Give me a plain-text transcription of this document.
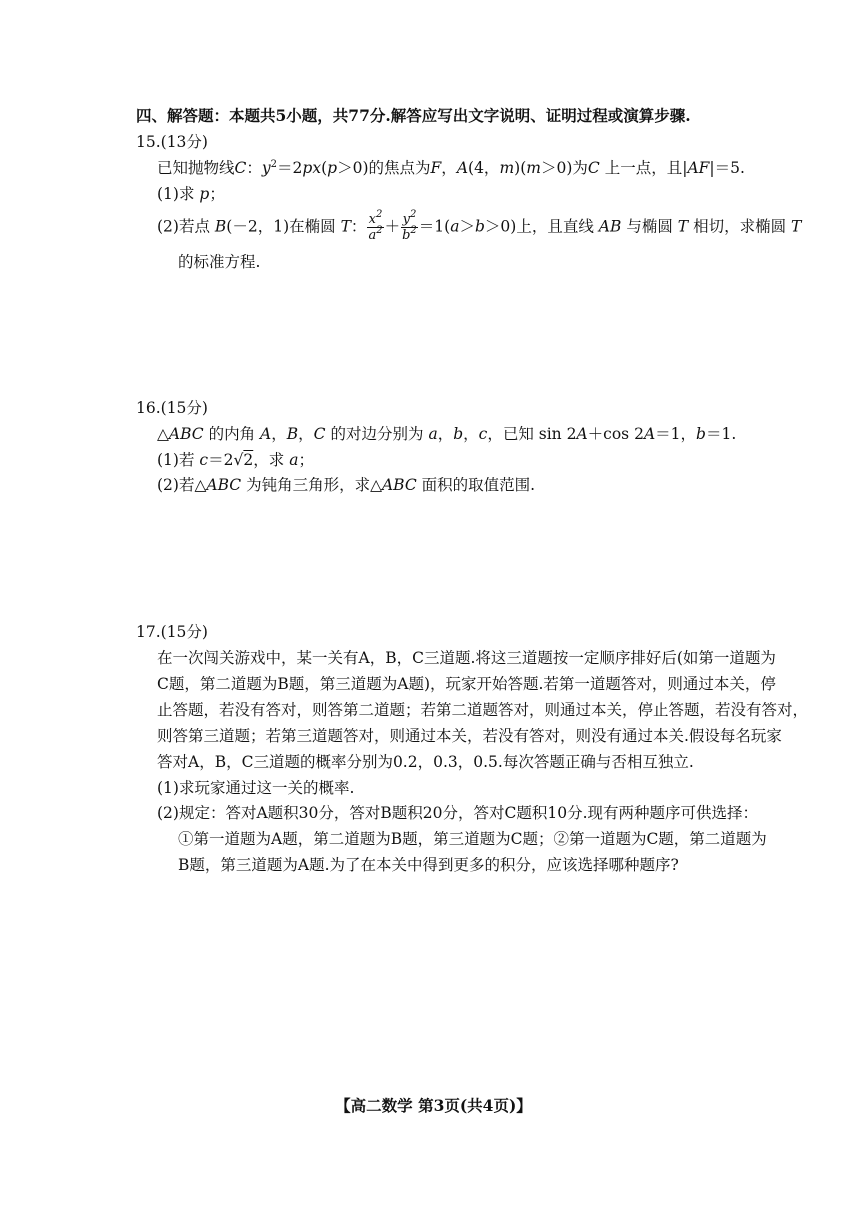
四、解答题：本题共5小题，共77分.解答应写出文字说明、证明过程或演算步骤.
15.(13分)
已知抛物线C：$y^2=2px(p>0)$的焦点为F，A(4，m)(m＞0)为C 上一点，且|AF|＝5.
(1)求 p；
(2)若点 B(－2，1)在椭圆 T： $\frac{x^2}{a^2} + \frac{y^2}{b^2} =1(a>b>0)$上，且直线 AB 与椭圆 T 相切，求椭圆 T
的标准方程.
16.(15分)
△ABC 的内角 A，B，C 的对边分别为 a，b，c，已知 sin 2A＋cos 2A＝1，b＝1.
(1)若 c＝2√2，求 a；
(2)若△ABC 为钝角三角形，求△ABC 面积的取值范围.
17.(15分)
在一次闯关游戏中，某一关有A，B，C三道题.将这三道题按一定顺序排好后(如第一道题为
C题，第二道题为B题，第三道题为A题)，玩家开始答题.若第一道题答对，则通过本关，停
止答题，若没有答对，则答第二道题；若第二道题答对，则通过本关，停止答题，若没有答对，
则答第三道题；若第三道题答对，则通过本关，若没有答对，则没有通过本关.假设每名玩家
答对A，B，C三道题的概率分别为0.2，0.3，0.5.每次答题正确与否相互独立.
(1)求玩家通过这一关的概率.
(2)规定：答对A题积30分，答对B题积20分，答对C题积10分.现有两种题序可供选择：
①第一道题为A题，第二道题为B题，第三道题为C题；②第一道题为C题，第二道题为
B题，第三道题为A题.为了在本关中得到更多的积分，应该选择哪种题序?
【高二数学 第3页(共4页)】
